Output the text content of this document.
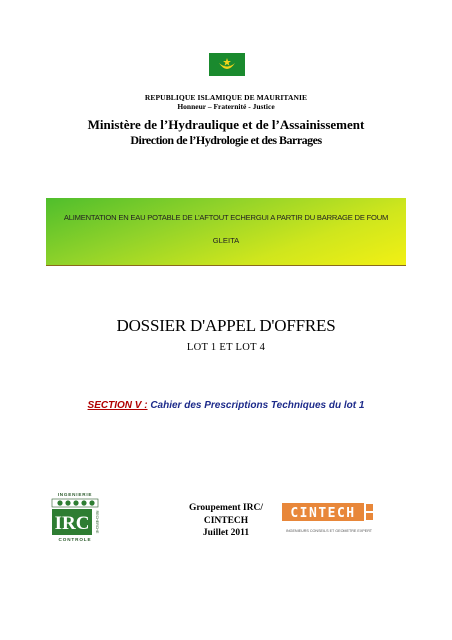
REPUBLIQUE ISLAMIQUE DE MAURITANIE
Honneur – Fraternité - Justice
Ministère de l’Hydraulique et de l’Assainissement
Direction de l’Hydrologie et des Barrages
ALIMENTATION EN EAU POTABLE DE L’AFTOUT ECHERGUI A PARTIR DU BARRAGE DE FOUM
GLEITA
DOSSIER D'APPEL D'OFFRES
LOT 1 ET LOT 4
SECTION V : Cahier des Prescriptions Techniques du lot 1
INGENIERIE
IRC RECHERCHE
CONTROLE
Groupement IRC/
CINTECH
Juillet 2011
CINTECH
INGENIEURS CONSEILS ET GEOMETRE EXPERT
